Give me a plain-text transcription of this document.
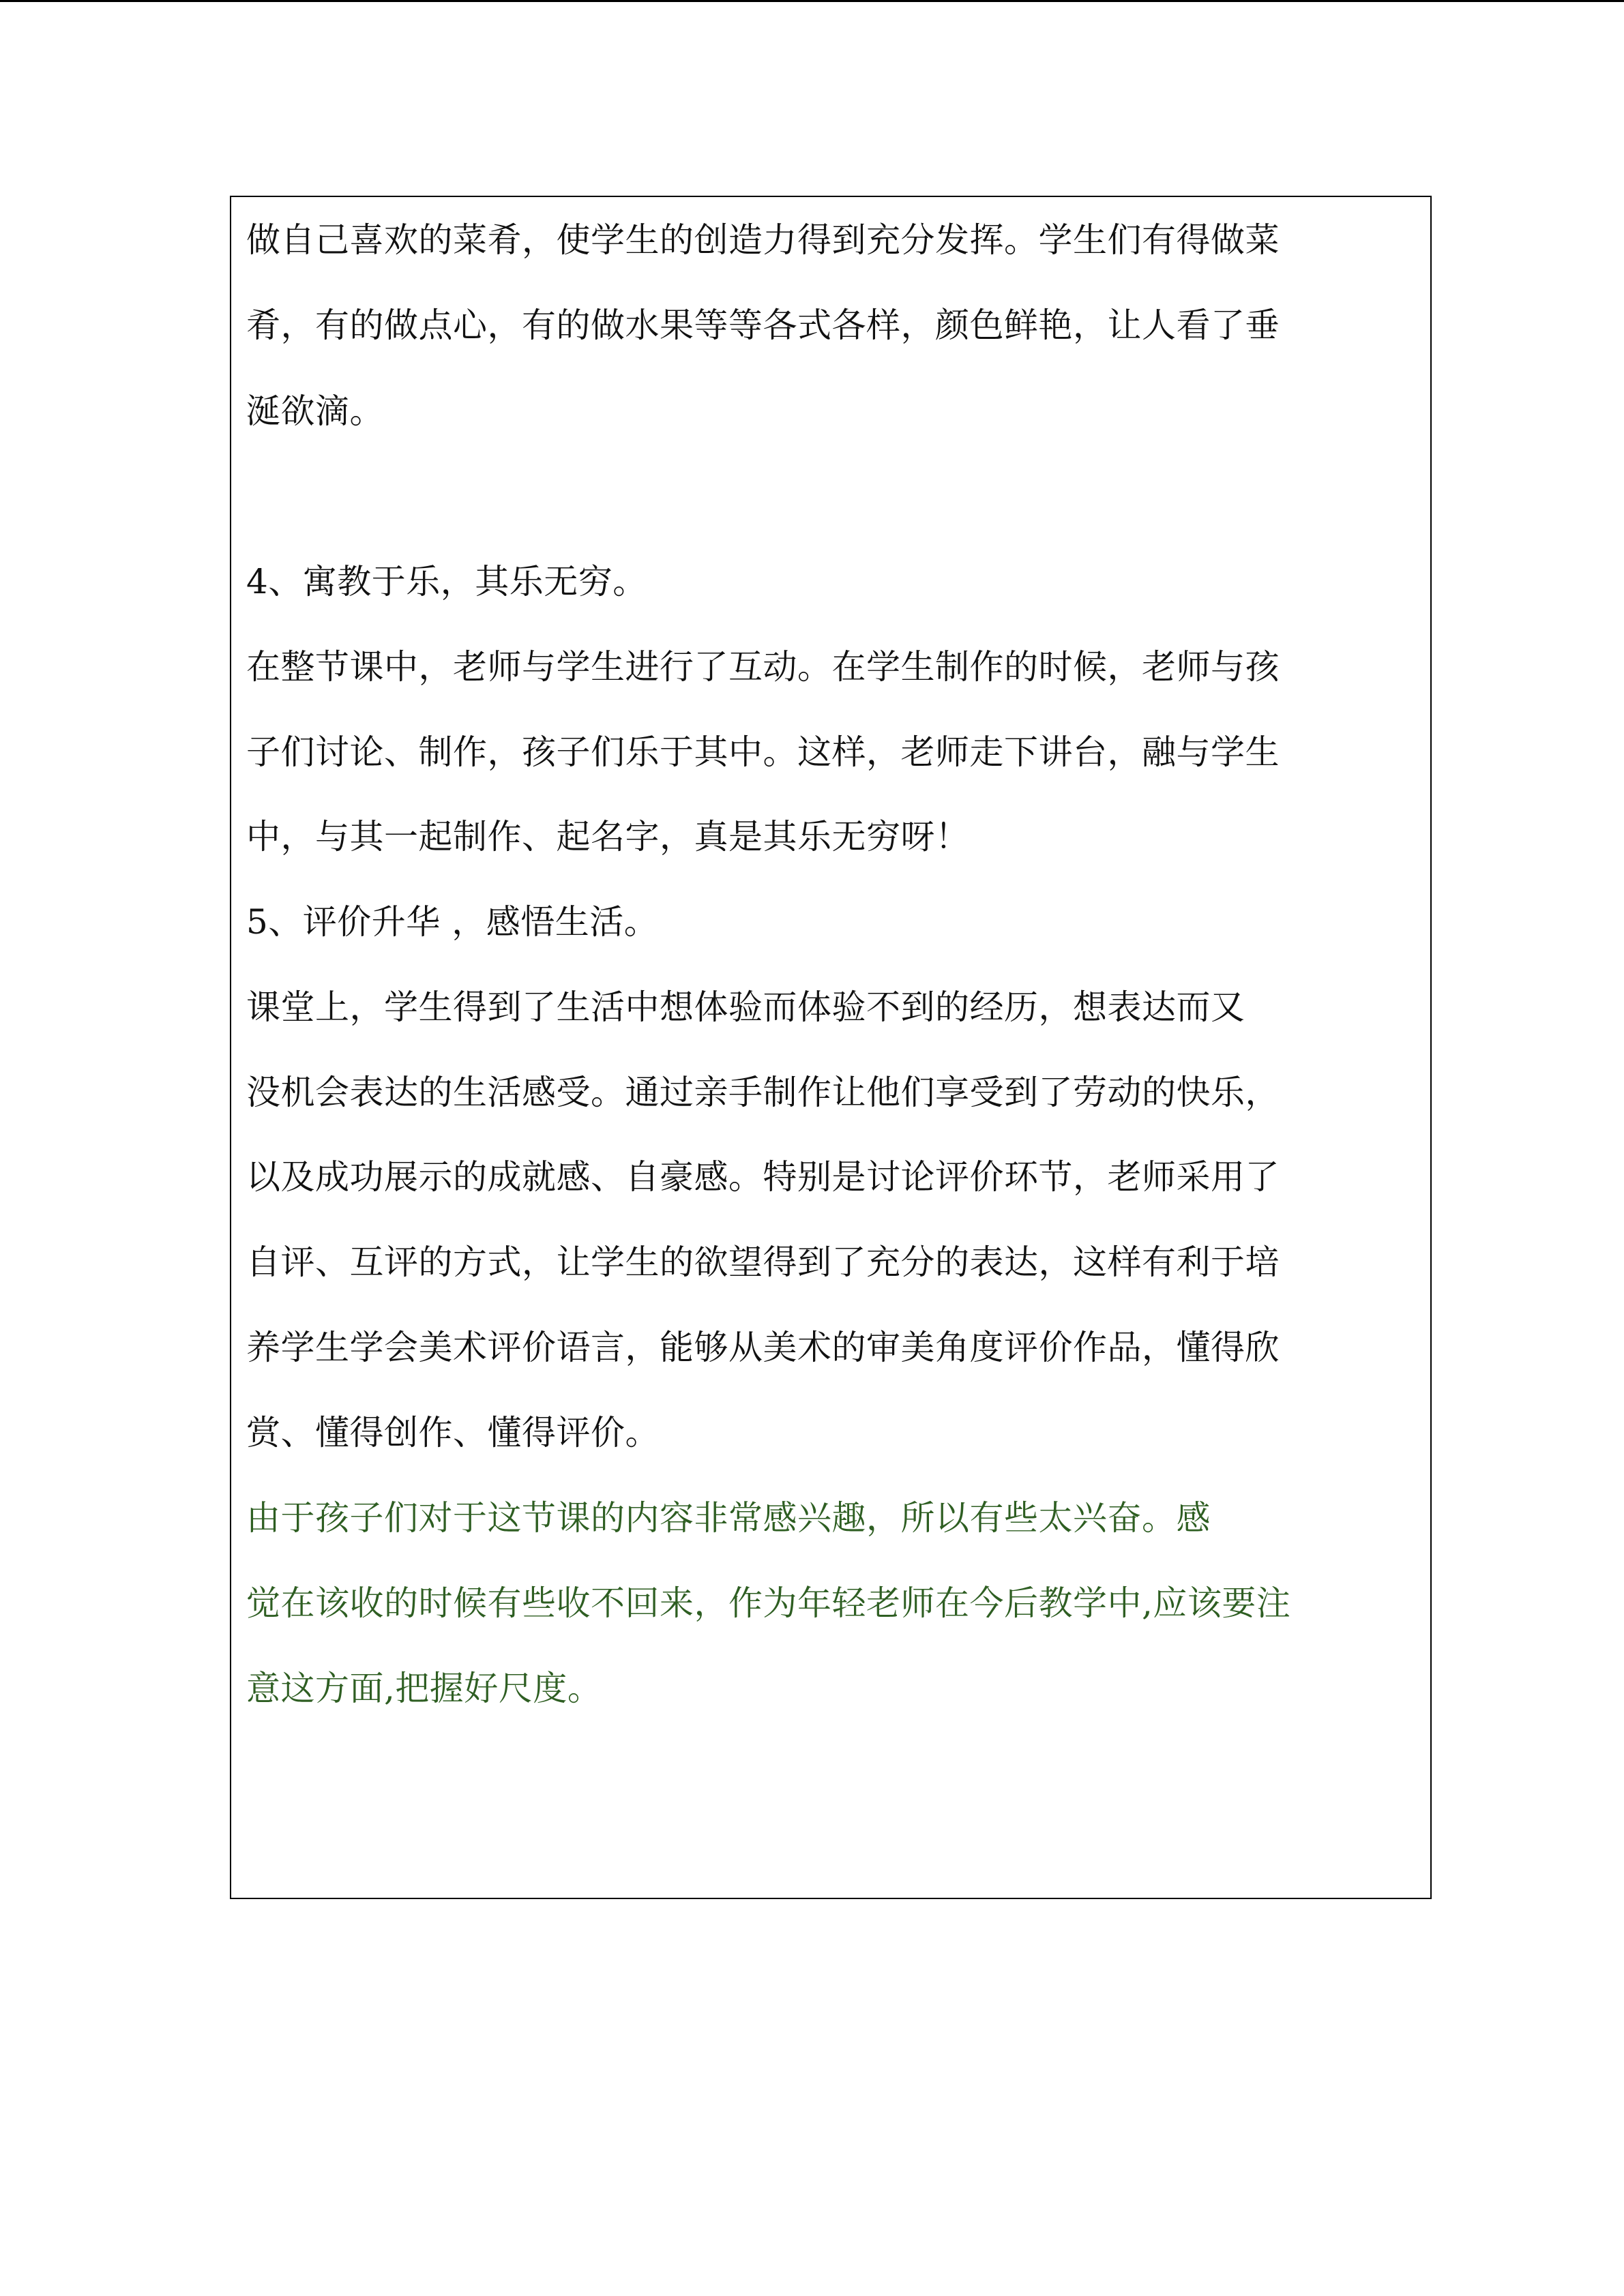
做自己喜欢的菜肴，使学生的创造力得到充分发挥。学生们有得做菜
肴，有的做点心，有的做水果等等各式各样，颜色鲜艳，让人看了垂
涎欲滴。
4、寓教于乐，其乐无穷。
在整节课中，老师与学生进行了互动。在学生制作的时候，老师与孩
子们讨论、制作，孩子们乐于其中。这样，老师走下讲台，融与学生
中，与其一起制作、起名字，真是其乐无穷呀！
5、评价升华 ，感悟生活。
课堂上，学生得到了生活中想体验而体验不到的经历，想表达而又
没机会表达的生活感受。通过亲手制作让他们享受到了劳动的快乐，
以及成功展示的成就感、自豪感。特别是讨论评价环节，老师采用了
自评、互评的方式，让学生的欲望得到了充分的表达，这样有利于培
养学生学会美术评价语言，能够从美术的审美角度评价作品，懂得欣
赏、懂得创作、懂得评价。
由于孩子们对于这节课的内容非常感兴趣，所以有些太兴奋。感
觉在该收的时候有些收不回来，作为年轻老师在今后教学中,应该要注
意这方面,把握好尺度。
